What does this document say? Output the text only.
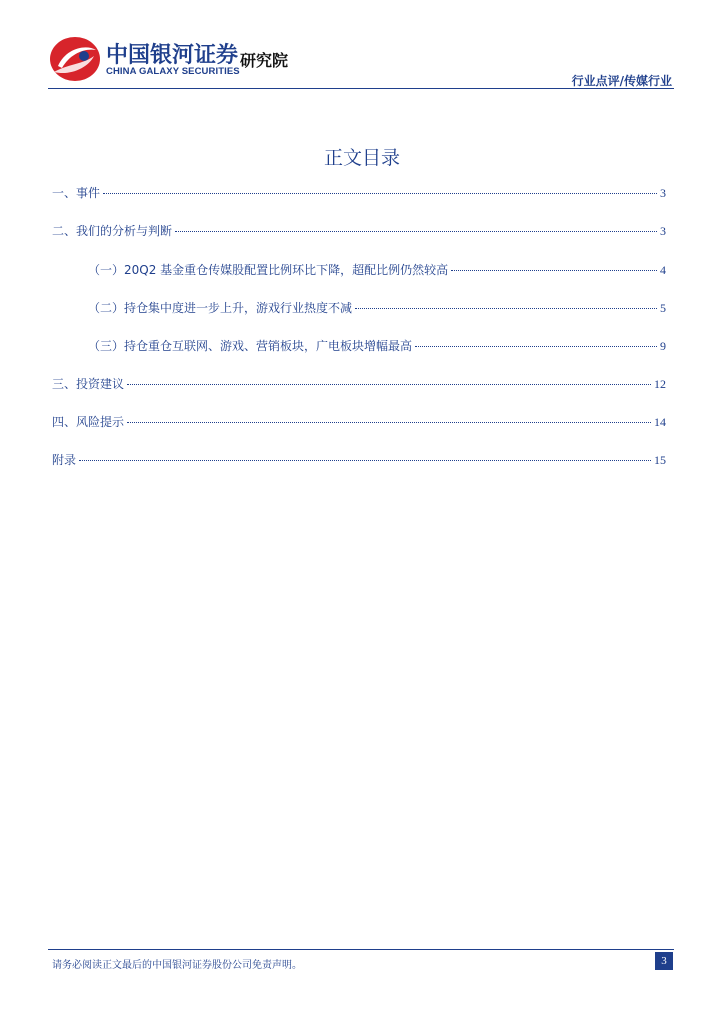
中国银河证券
CHINA GALAXY SECURITIES
研究院
行业点评/传媒行业
正文目录
一、事件	3
二、我们的分析与判断	3
（一）20Q2 基金重仓传媒股配置比例环比下降，超配比例仍然较高	4
（二）持仓集中度进一步上升，游戏行业热度不减	5
（三）持仓重仓互联网、游戏、营销板块，广电板块增幅最高	9
三、投资建议	12
四、风险提示	14
附录	15
请务必阅读正文最后的中国银河证券股份公司免责声明。	3
